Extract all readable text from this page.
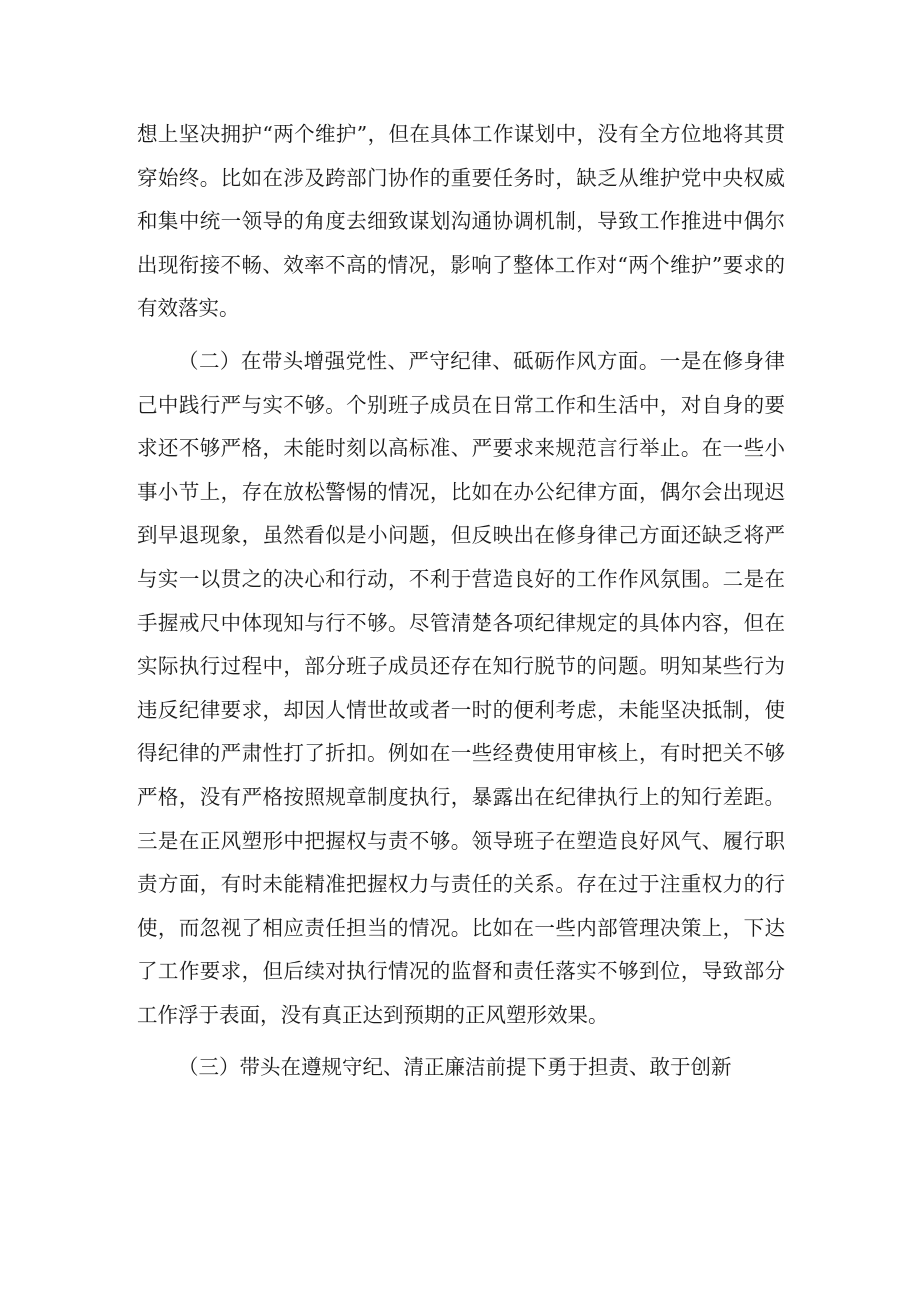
想上坚决拥护“两个维护”，但在具体工作谋划中，没有全方位地将其贯穿始终。比如在涉及跨部门协作的重要任务时，缺乏从维护党中央权威和集中统一领导的角度去细致谋划沟通协调机制，导致工作推进中偶尔出现衔接不畅、效率不高的情况，影响了整体工作对“两个维护”要求的有效落实。

（二）在带头增强党性、严守纪律、砥砺作风方面。一是在修身律己中践行严与实不够。个别班子成员在日常工作和生活中，对自身的要求还不够严格，未能时刻以高标准、严要求来规范言行举止。在一些小事小节上，存在放松警惕的情况，比如在办公纪律方面，偶尔会出现迟到早退现象，虽然看似是小问题，但反映出在修身律己方面还缺乏将严与实一以贯之的决心和行动，不利于营造良好的工作作风氛围。二是在手握戒尺中体现知与行不够。尽管清楚各项纪律规定的具体内容，但在实际执行过程中，部分班子成员还存在知行脱节的问题。明知某些行为违反纪律要求，却因人情世故或者一时的便利考虑，未能坚决抵制，使得纪律的严肃性打了折扣。例如在一些经费使用审核上，有时把关不够严格，没有严格按照规章制度执行，暴露出在纪律执行上的知行差距。三是在正风塑形中把握权与责不够。领导班子在塑造良好风气、履行职责方面，有时未能精准把握权力与责任的关系。存在过于注重权力的行使，而忽视了相应责任担当的情况。比如在一些内部管理决策上，下达了工作要求，但后续对执行情况的监督和责任落实不够到位，导致部分工作浮于表面，没有真正达到预期的正风塑形效果。

（三）带头在遵规守纪、清正廉洁前提下勇于担责、敢于创新
